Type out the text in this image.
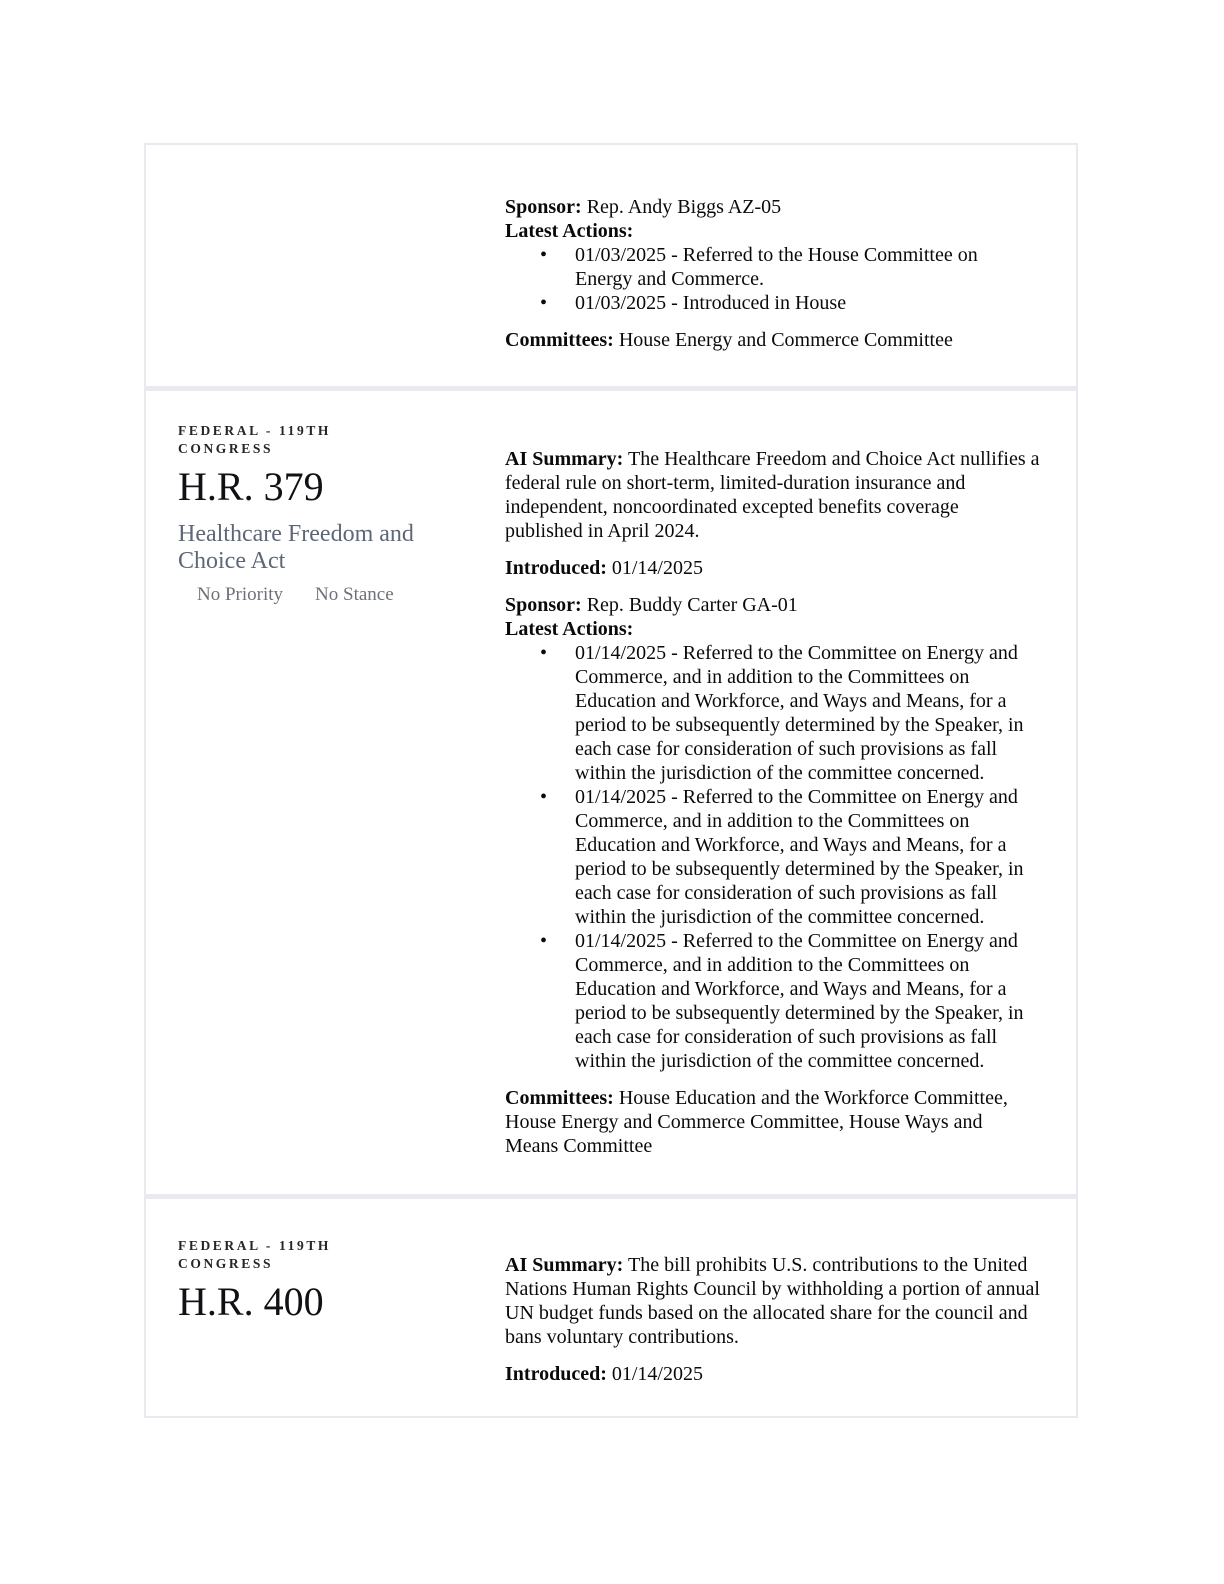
Sponsor: Rep. Andy Biggs AZ-05

Latest Actions:

•	01/03/2025 - Referred to the House Committee on Energy and Commerce.
•	01/03/2025 - Introduced in House

Committees: House Energy and Commerce Committee

FEDERAL - 119TH CONGRESS
H.R. 379
Healthcare Freedom and Choice Act
No Priority No Stance

AI Summary: The Healthcare Freedom and Choice Act nullifies a federal rule on short-term, limited-duration insurance and independent, noncoordinated excepted benefits coverage published in April 2024.

Introduced: 01/14/2025

Sponsor: Rep. Buddy Carter GA-01

Latest Actions:

•	01/14/2025 - Referred to the Committee on Energy and Commerce, and in addition to the Committees on Education and Workforce, and Ways and Means, for a period to be subsequently determined by the Speaker, in each case for consideration of such provisions as fall within the jurisdiction of the committee concerned.
•	01/14/2025 - Referred to the Committee on Energy and Commerce, and in addition to the Committees on Education and Workforce, and Ways and Means, for a period to be subsequently determined by the Speaker, in each case for consideration of such provisions as fall within the jurisdiction of the committee concerned.
•	01/14/2025 - Referred to the Committee on Energy and Commerce, and in addition to the Committees on Education and Workforce, and Ways and Means, for a period to be subsequently determined by the Speaker, in each case for consideration of such provisions as fall within the jurisdiction of the committee concerned.

Committees: House Education and the Workforce Committee, House Energy and Commerce Committee, House Ways and Means Committee

FEDERAL - 119TH CONGRESS
H.R. 400

AI Summary: The bill prohibits U.S. contributions to the United Nations Human Rights Council by withholding a portion of annual UN budget funds based on the allocated share for the council and bans voluntary contributions.

Introduced: 01/14/2025
